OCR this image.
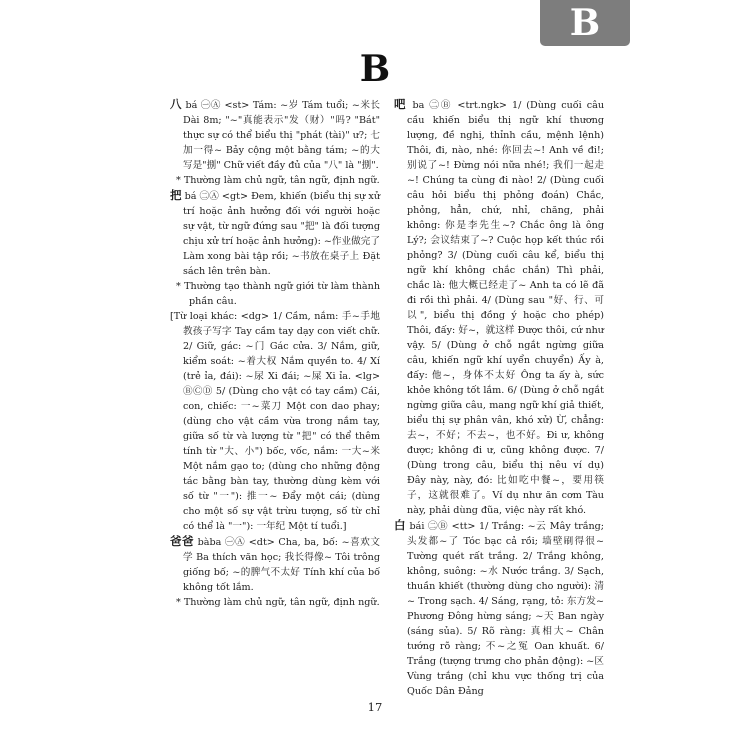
B
B

八 bá ㊀Ⓐ <st> Tám: ~岁 Tám tuổi; ~米长 Dài 8m; "~"真能表示"发（财）"吗? "Bát" thực sự có thể biểu thị "phát (tài)" ư?; 七加一得~ Bảy cộng một bằng tám; ~的大写是"捌" Chữ viết đầy đủ của "八" là "捌".

* Thường làm chủ ngữ, tân ngữ, định ngữ.

把 bá ㊁Ⓐ <gt> Đem, khiến (biểu thị sự xử trí hoặc ảnh hưởng đối với người hoặc sự vật, từ ngữ đứng sau "把" là đối tượng chịu xử trí hoặc ảnh hưởng): ~作业做完了 Làm xong bài tập rồi; ~书放在桌子上 Đặt sách lên trên bàn.

* Thường tạo thành ngữ giới từ làm thành phần câu.

[Từ loại khác: <dg> 1/ Cầm, nắm: 手~手地教孩子写字 Tay cầm tay dạy con viết chữ. 2/ Giữ, gác: ~门 Gác cửa. 3/ Nắm, giữ, kiểm soát: ~着大权 Nắm quyền to. 4/ Xí (trẻ ỉa, đái): ~尿 Xi đái; ~屎 Xi ỉa. <lg> ⒷⒸⒹ 5/ (Dùng cho vật có tay cầm) Cái, con, chiếc: 一~菜刀 Một con dao phay; (dùng cho vật cầm vừa trong nắm tay, giữa số từ và lượng từ "把" có thể thêm tính từ "大、小") bốc, vốc, nắm: 一大~米 Một nắm gạo to; (dùng cho những động tác bằng bàn tay, thường dùng kèm với số từ "一"): 推一~ Đẩy một cái; (dùng cho một số sự vật trừu tượng, số từ chỉ có thể là "一"): 一年纪 Một tí tuổi.]

爸爸 bàba ㊀Ⓐ <dt> Cha, ba, bố: ~喜欢文学 Ba thích văn học; 我长得像~ Tôi trông giống bố; ~的脾气不太好 Tính khí của bố không tốt lắm.

* Thường làm chủ ngữ, tân ngữ, định ngữ.

吧 ba ㊁Ⓑ <trt.ngk> 1/ (Dùng cuối câu cầu khiến biểu thị ngữ khí thương lượng, đề nghị, thỉnh cầu, mệnh lệnh) Thôi, đi, nào, nhé: 你回去~! Anh về đi!; 别说了~! Đừng nói nữa nhé!; 我们一起走~! Chúng ta cùng đi nào! 2/ (Dùng cuối câu hỏi biểu thị phỏng đoán) Chắc, phỏng, hẳn, chứ, nhỉ, chăng, phải không: 你是李先生~? Chắc ông là ông Lý?; 会议结束了~? Cuộc họp kết thúc rồi phỏng? 3/ (Dùng cuối câu kể, biểu thị ngữ khí không chắc chắn) Thì phải, chắc là: 他大概已经走了~ Anh ta có lẽ đã đi rồi thì phải. 4/ (Dùng sau "好、行、可以", biểu thị đồng ý hoặc cho phép) Thôi, đấy: 好~，就这样 Được thôi, cứ như vậy. 5/ (Dùng ở chỗ ngắt ngừng giữa câu, khiến ngữ khí uyển chuyển) Ấy à, đấy: 他~，身体不太好 Ông ta ấy à, sức khỏe không tốt lắm. 6/ (Dùng ở chỗ ngắt ngừng giữa câu, mang ngữ khí giả thiết, biểu thị sự phân vân, khó xử) Ừ, chẳng: 去~，不好；不去~，也不好。Đi ư, không được; không đi ư, cũng không được. 7/ (Dùng trong câu, biểu thị nêu ví dụ) Đây này, này, đó: 比如吃中餐~，要用筷子，这就很难了。Ví dụ như ăn cơm Tàu này, phải dùng đũa, việc này rất khó.

白 bái ㊁Ⓑ <tt> 1/ Trắng: ~云 Mây trắng; 头发都~了 Tóc bạc cả rồi; 墙壁刷得很~ Tường quét rất trắng. 2/ Trắng không, không, suông: ~水 Nước trắng. 3/ Sạch, thuần khiết (thường dùng cho người): 清~ Trong sạch. 4/ Sáng, rạng, tỏ: 东方发~ Phương Đông hừng sáng; ~天 Ban ngày (sáng sủa). 5/ Rõ ràng: 真相大~ Chân tướng rõ ràng; 不~之冤 Oan khuất. 6/ Trắng (tượng trưng cho phản động): ~区 Vùng trắng (chỉ khu vực thống trị của Quốc Dân Đảng

17
